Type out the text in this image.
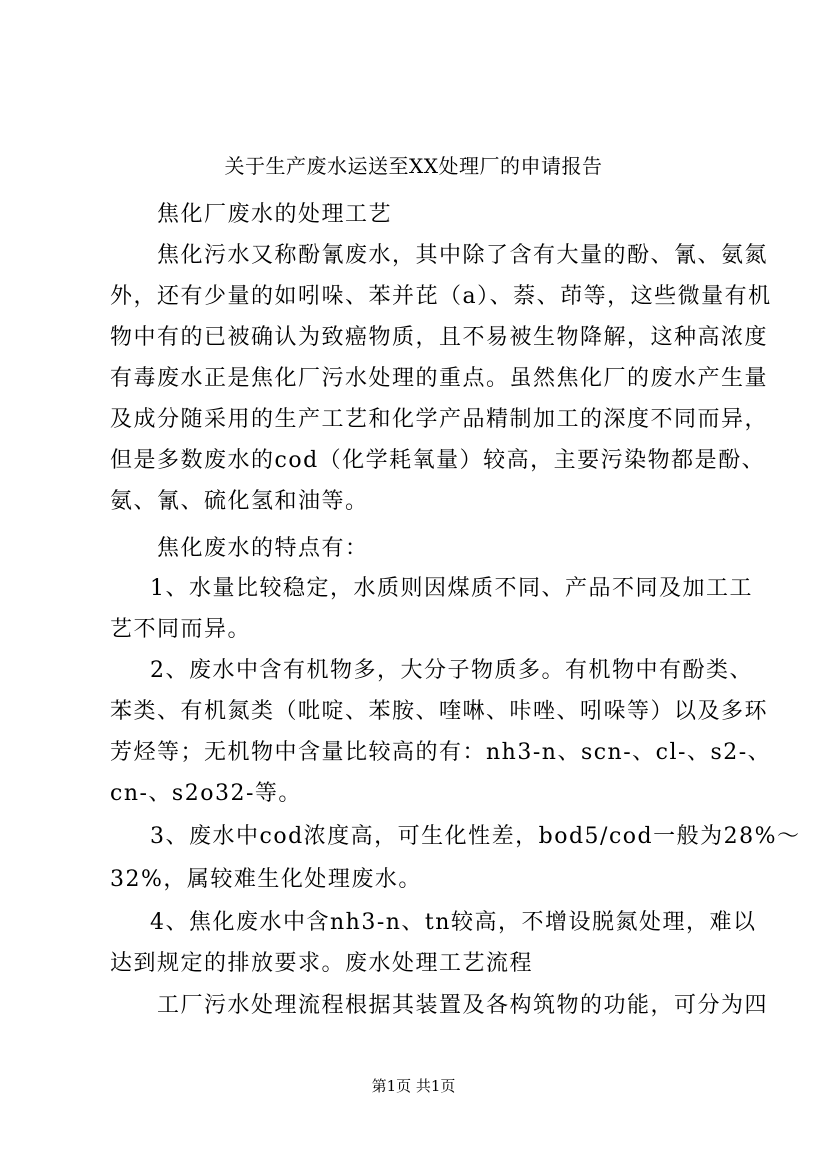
关于生产废水运送至XX处理厂的申请报告
焦化厂废水的处理工艺
焦化污水又称酚氰废水，其中除了含有大量的酚、氰、氨氮
外，还有少量的如吲哚、苯并芘（a）、萘、茚等，这些微量有机
物中有的已被确认为致癌物质，且不易被生物降解，这种高浓度
有毒废水正是焦化厂污水处理的重点。虽然焦化厂的废水产生量
及成分随采用的生产工艺和化学产品精制加工的深度不同而异，
但是多数废水的cod（化学耗氧量）较高，主要污染物都是酚、
氨、氰、硫化氢和油等。
焦化废水的特点有：
1、水量比较稳定，水质则因煤质不同、产品不同及加工工
艺不同而异。
2、废水中含有机物多，大分子物质多。有机物中有酚类、
苯类、有机氮类（吡啶、苯胺、喹啉、咔唑、吲哚等）以及多环
芳烃等；无机物中含量比较高的有：nh3-n、scn-、cl-、s2-、
cn-、s2o32-等。
3、废水中cod浓度高，可生化性差，bod5/cod一般为28%～
32%，属较难生化处理废水。
4、焦化废水中含nh3-n、tn较高，不增设脱氮处理，难以
达到规定的排放要求。废水处理工艺流程
工厂污水处理流程根据其装置及各构筑物的功能，可分为四
第1页 共1页
